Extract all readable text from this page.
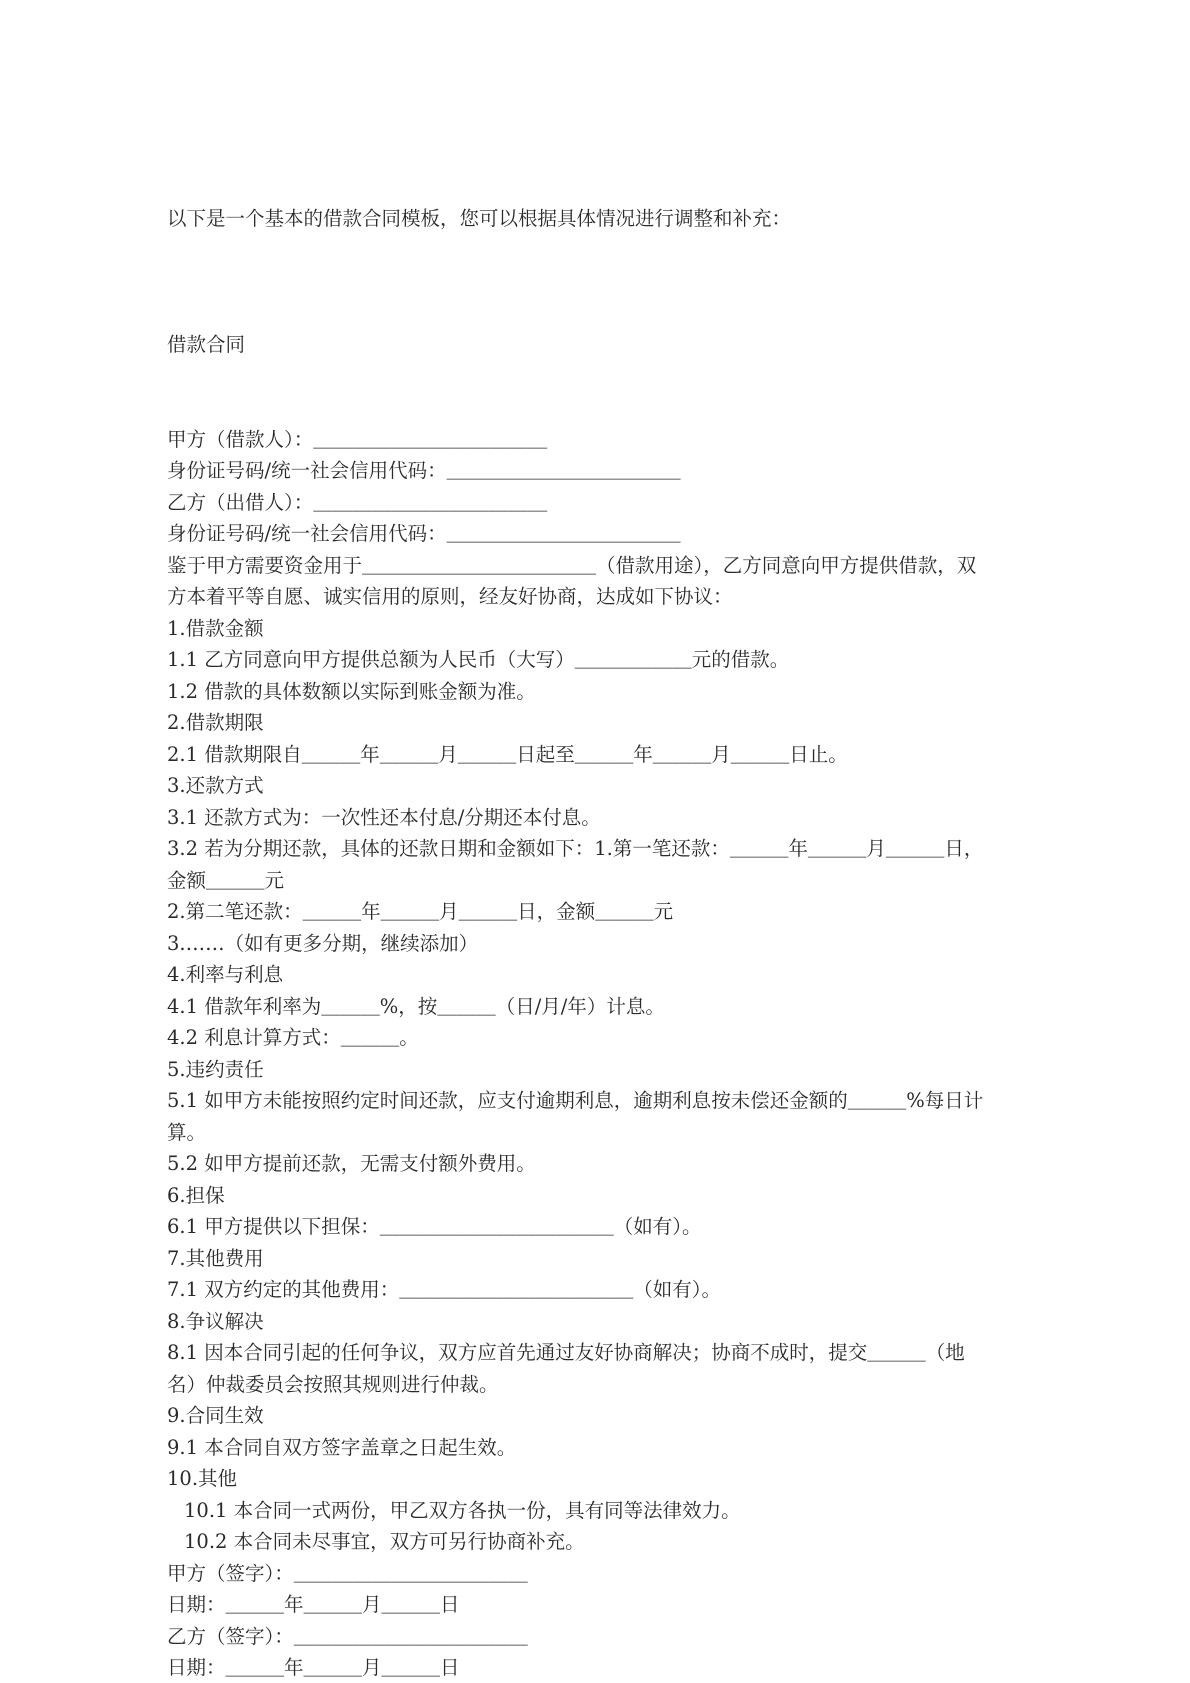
以下是一个基本的借款合同模板，您可以根据具体情况进行调整和补充：

借款合同

甲方（借款人）：＿＿＿＿＿＿＿＿＿＿＿＿
身份证号码/统一社会信用代码：＿＿＿＿＿＿＿＿＿＿＿＿
乙方（出借人）：＿＿＿＿＿＿＿＿＿＿＿＿
身份证号码/统一社会信用代码：＿＿＿＿＿＿＿＿＿＿＿＿
鉴于甲方需要资金用于＿＿＿＿＿＿＿＿＿＿＿＿（借款用途），乙方同意向甲方提供借款，双方本着平等自愿、诚实信用的原则，经友好协商，达成如下协议：
1.借款金额
1.1 乙方同意向甲方提供总额为人民币（大写）＿＿＿＿＿＿元的借款。
1.2 借款的具体数额以实际到账金额为准。
2.借款期限
2.1 借款期限自＿＿＿年＿＿＿月＿＿＿日起至＿＿＿年＿＿＿月＿＿＿日止。
3.还款方式
3.1 还款方式为：一次性还本付息/分期还本付息。
3.2 若为分期还款，具体的还款日期和金额如下：1.第一笔还款：＿＿＿年＿＿＿月＿＿＿日，金额＿＿＿元
2.第二笔还款：＿＿＿年＿＿＿月＿＿＿日，金额＿＿＿元
3.……（如有更多分期，继续添加）
4.利率与利息
4.1 借款年利率为＿＿＿%，按＿＿＿（日/月/年）计息。
4.2 利息计算方式：＿＿＿。
5.违约责任
5.1 如甲方未能按照约定时间还款，应支付逾期利息，逾期利息按未偿还金额的＿＿＿%每日计算。
5.2 如甲方提前还款，无需支付额外费用。
6.担保
6.1 甲方提供以下担保：＿＿＿＿＿＿＿＿＿＿＿＿（如有）。
7.其他费用
7.1 双方约定的其他费用：＿＿＿＿＿＿＿＿＿＿＿＿（如有）。
8.争议解决
8.1 因本合同引起的任何争议，双方应首先通过友好协商解决；协商不成时，提交＿＿＿（地名）仲裁委员会按照其规则进行仲裁。
9.合同生效
9.1 本合同自双方签字盖章之日起生效。
10.其他
10.1 本合同一式两份，甲乙双方各执一份，具有同等法律效力。
10.2 本合同未尽事宜，双方可另行协商补充。
甲方（签字）：＿＿＿＿＿＿＿＿＿＿＿＿
日期：＿＿＿年＿＿＿月＿＿＿日
乙方（签字）：＿＿＿＿＿＿＿＿＿＿＿＿
日期：＿＿＿年＿＿＿月＿＿＿日
